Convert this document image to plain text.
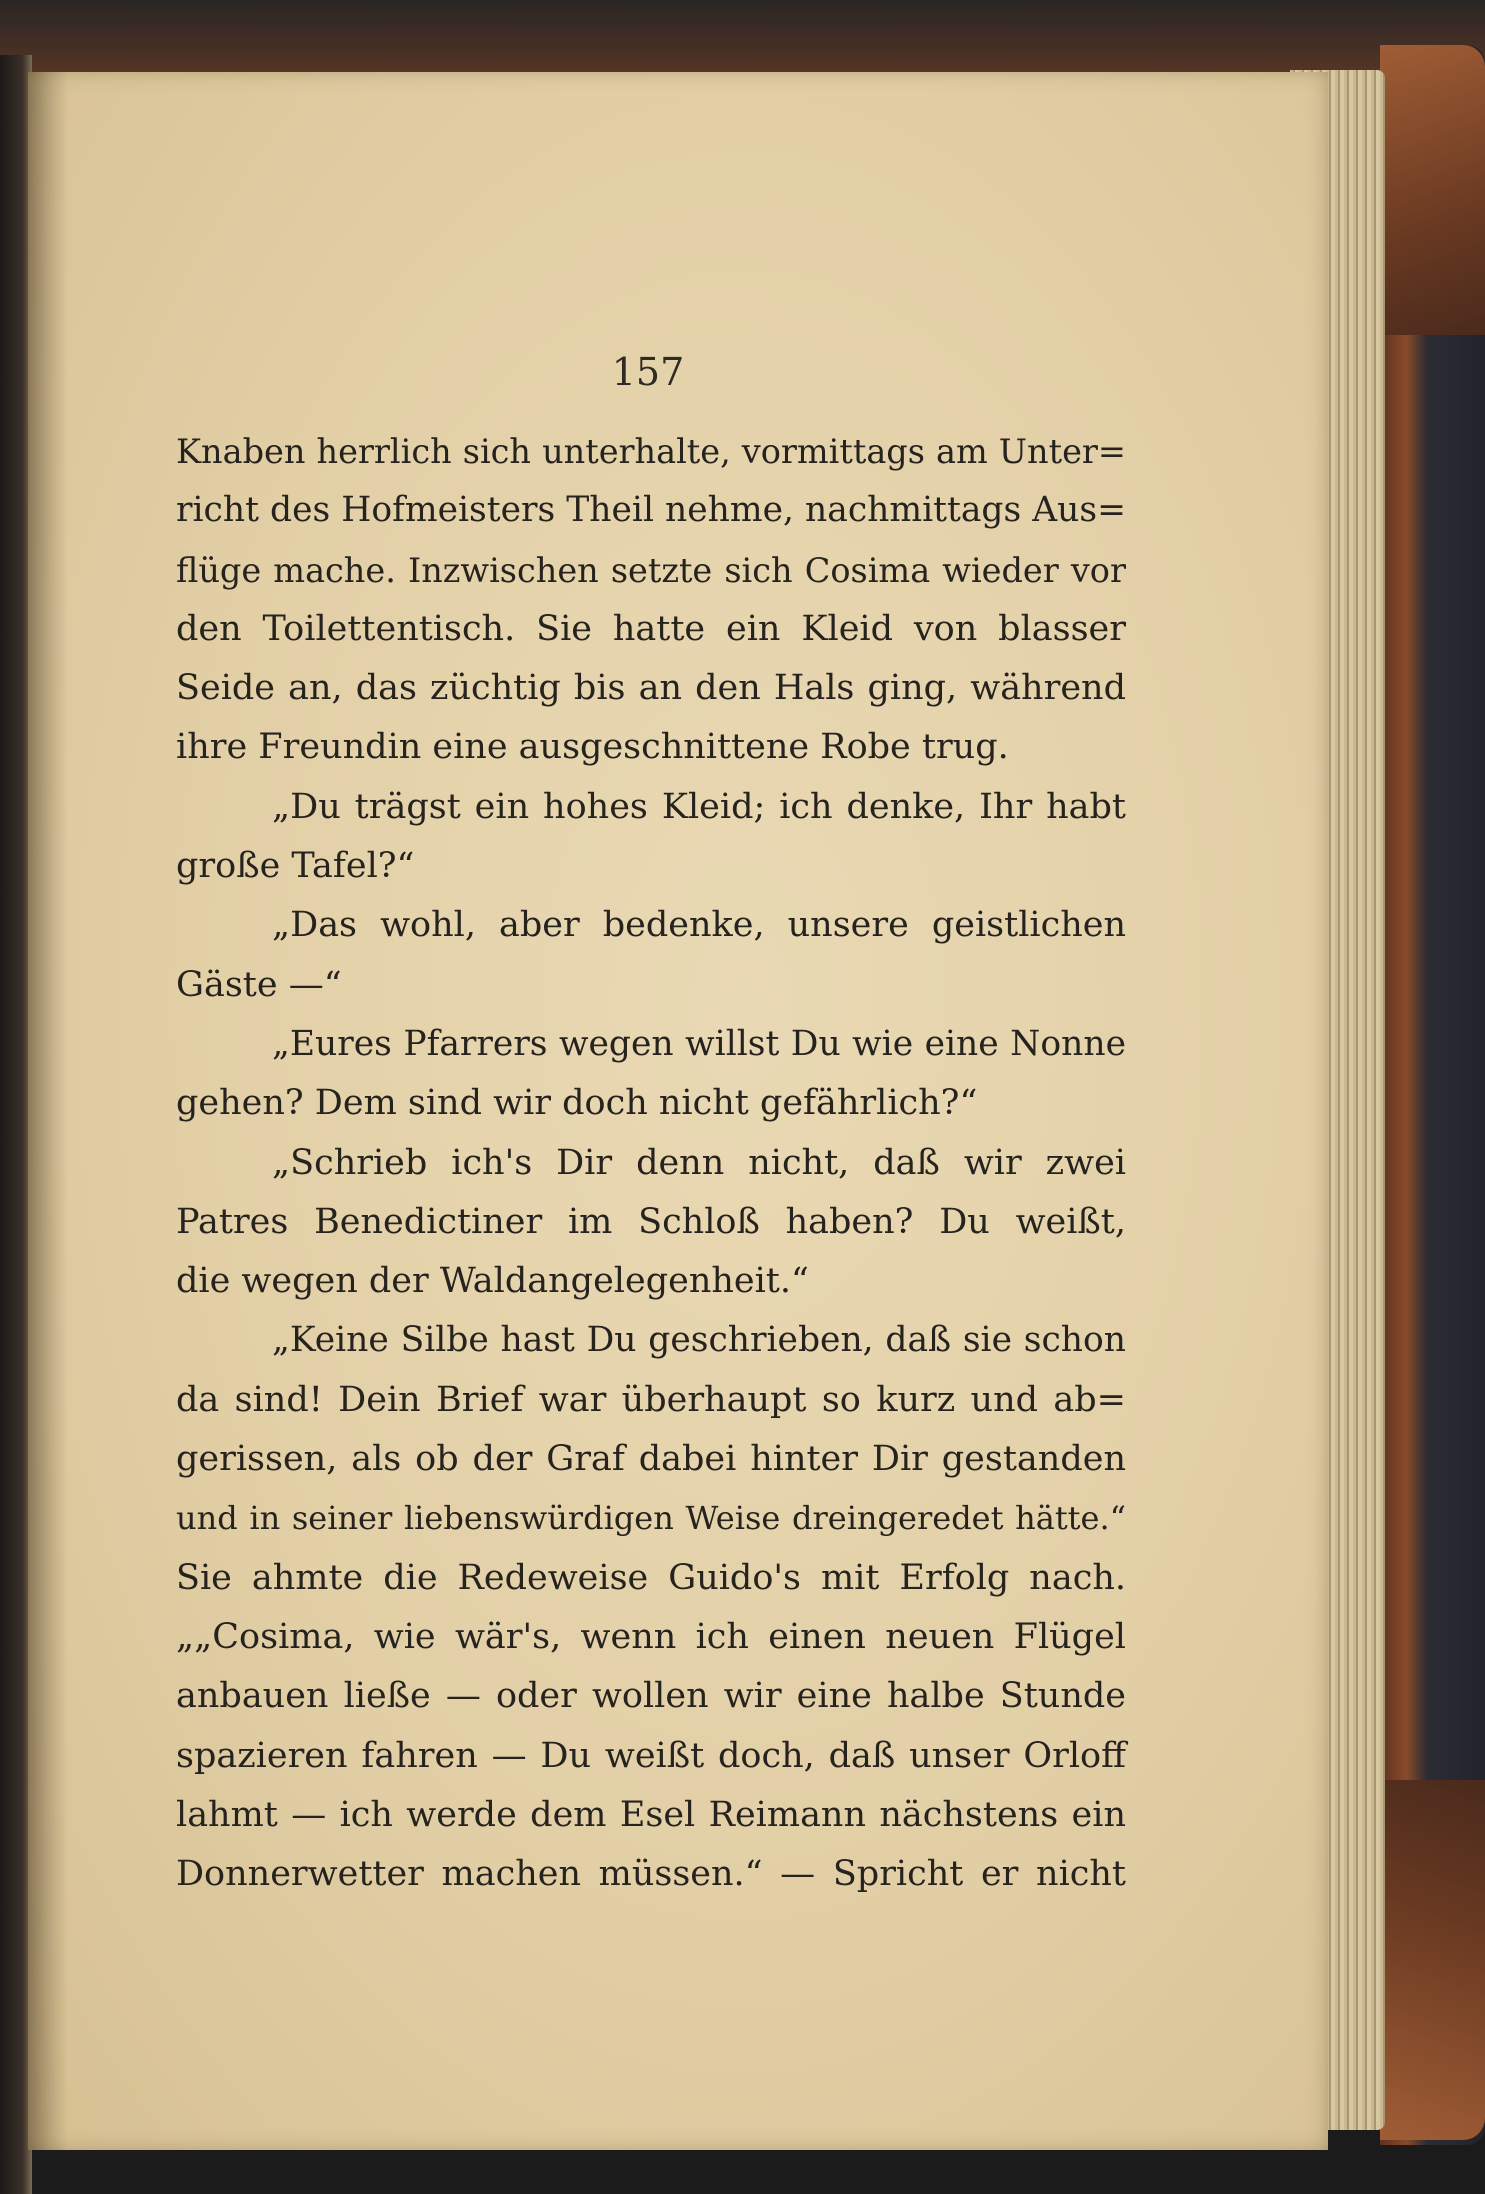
157
Knaben herrlich sich unterhalte, vormittags am Unter=
richt des Hofmeisters Theil nehme, nachmittags Aus=
flüge mache. Inzwischen setzte sich Cosima wieder vor
den Toilettentisch. Sie hatte ein Kleid von blasser
Seide an, das züchtig bis an den Hals ging, während
ihre Freundin eine ausgeschnittene Robe trug.
„Du trägst ein hohes Kleid; ich denke, Ihr habt
große Tafel?“
„Das wohl, aber bedenke, unsere geistlichen
Gäste —“
„Eures Pfarrers wegen willst Du wie eine Nonne
gehen? Dem sind wir doch nicht gefährlich?“
„Schrieb ich's Dir denn nicht, daß wir zwei
Patres Benedictiner im Schloß haben? Du weißt,
die wegen der Waldangelegenheit.“
„Keine Silbe hast Du geschrieben, daß sie schon
da sind! Dein Brief war überhaupt so kurz und ab=
gerissen, als ob der Graf dabei hinter Dir gestanden
und in seiner liebenswürdigen Weise dreingeredet hätte.“
Sie ahmte die Redeweise Guido's mit Erfolg nach.
„„Cosima, wie wär's, wenn ich einen neuen Flügel
anbauen ließe — oder wollen wir eine halbe Stunde
spazieren fahren — Du weißt doch, daß unser Orloff
lahmt — ich werde dem Esel Reimann nächstens ein
Donnerwetter machen müssen.“ — Spricht er nicht
